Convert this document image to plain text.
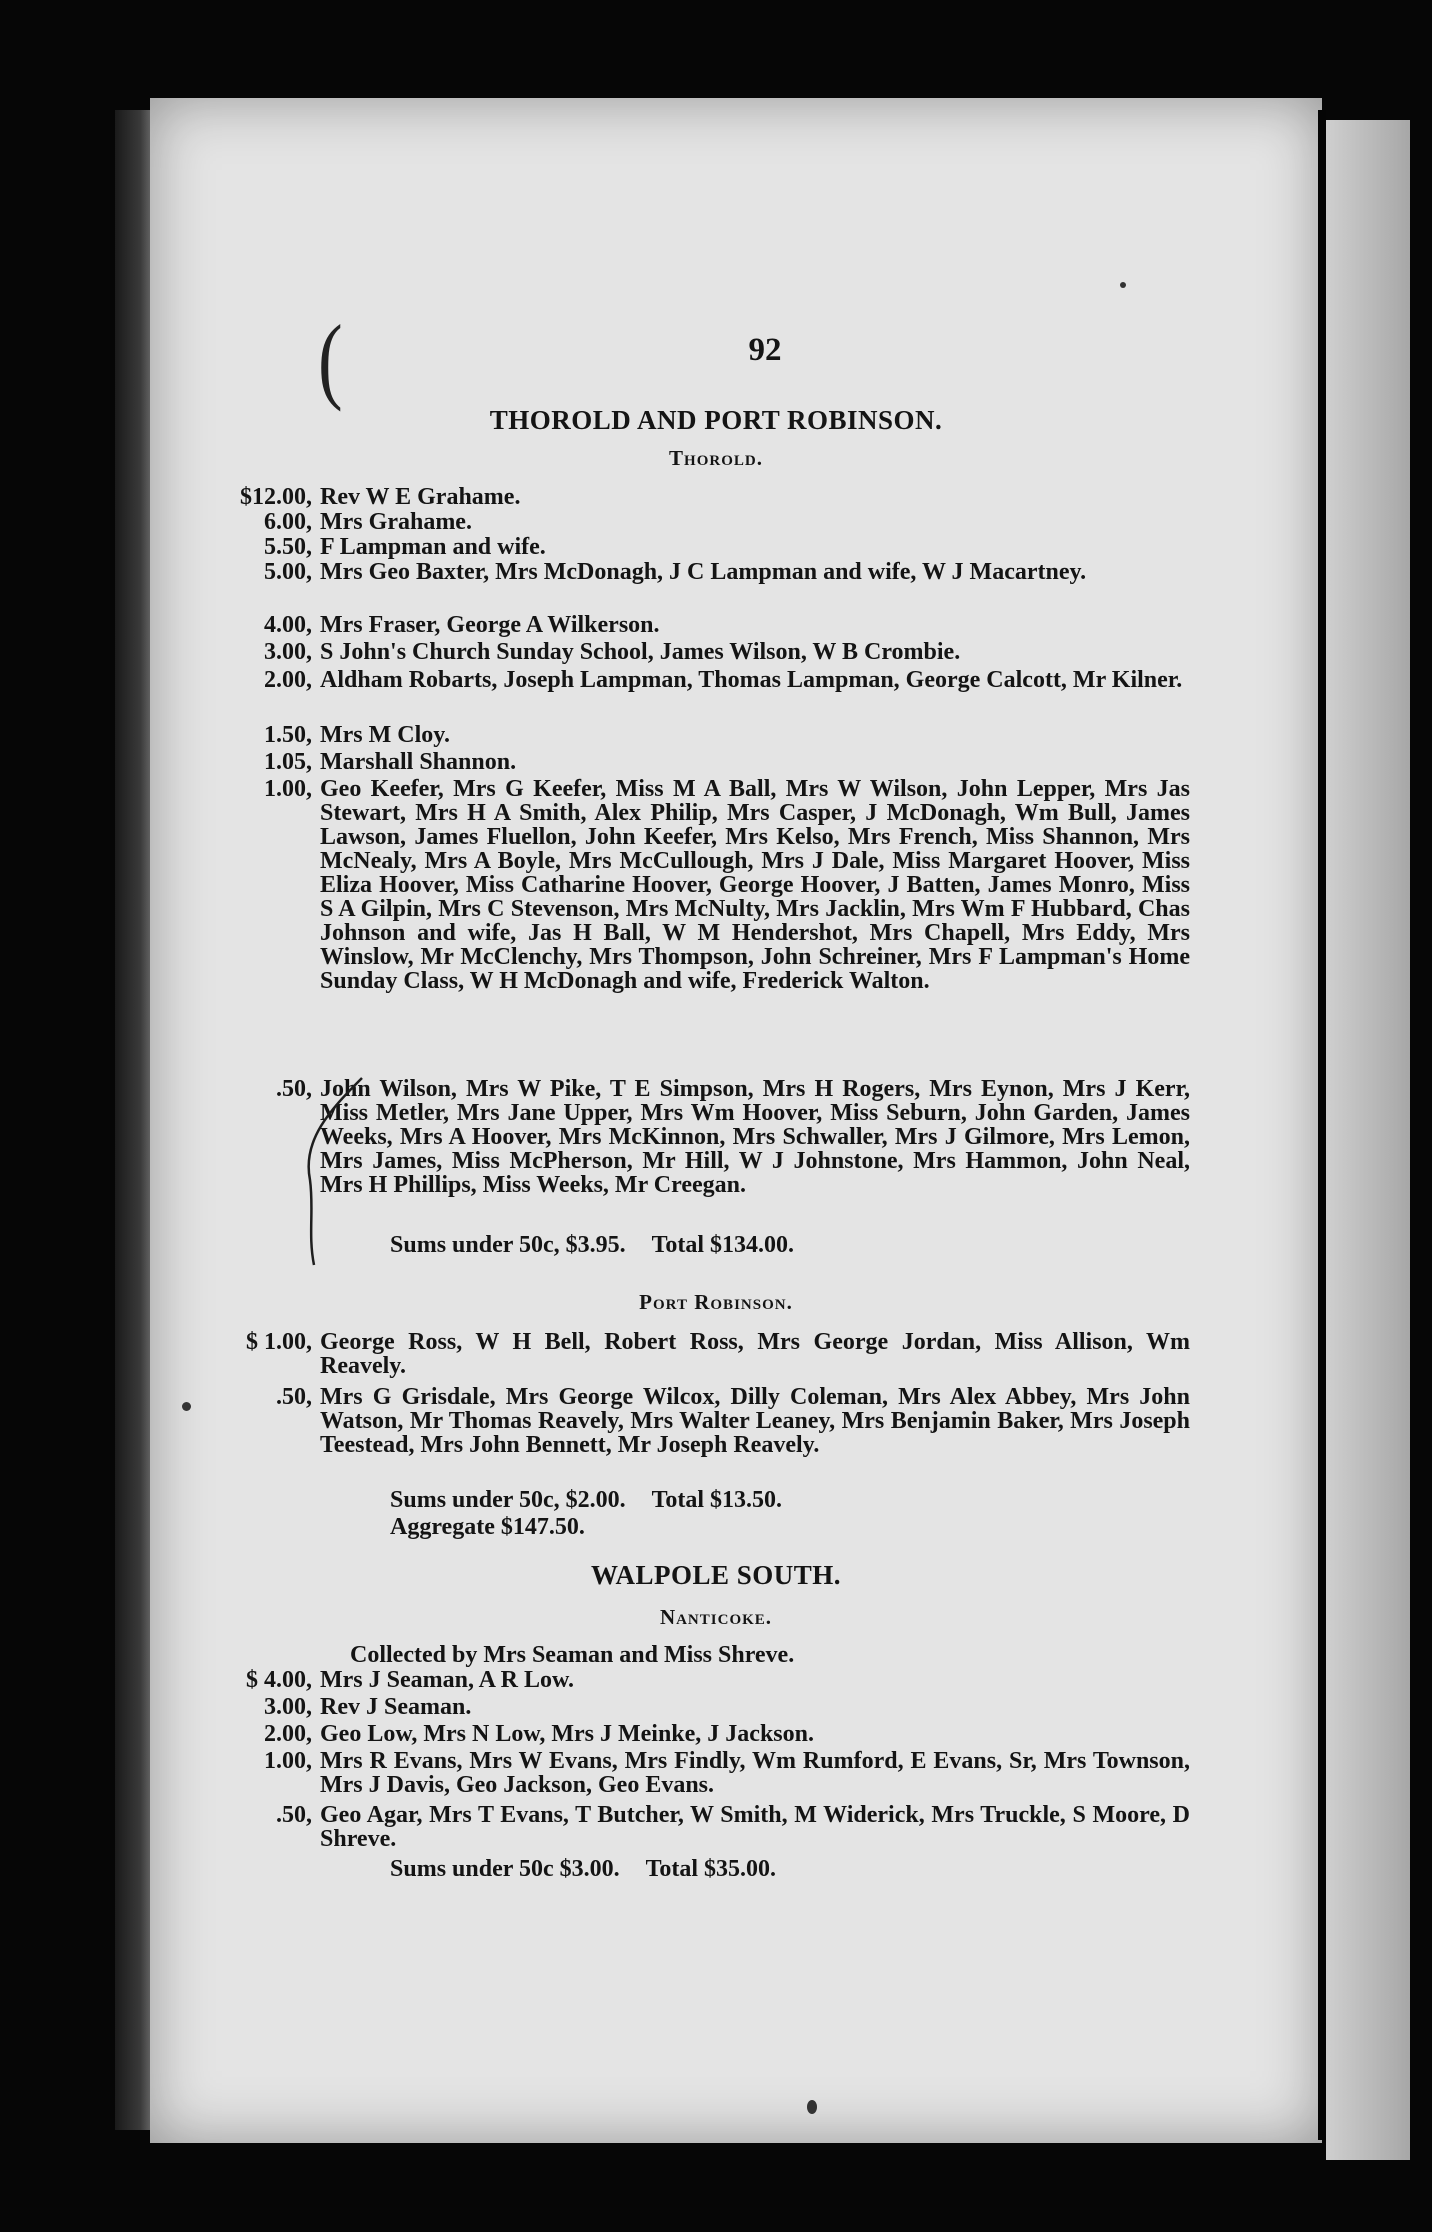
(	92
THOROLD AND PORT ROBINSON.
Thorold.
$12.00, Rev W E Grahame.
6.00, Mrs Grahame.
5.50, F Lampman and wife.
5.00, Mrs Geo Baxter, Mrs McDonagh, J C Lampman and wife, W J Macartney.
4.00, Mrs Fraser, George A Wilkerson.
3.00, S John's Church Sunday School, James Wilson, W B Crombie.
2.00, Aldham Robarts, Joseph Lampman, Thomas Lampman, George Calcott, Mr Kilner.
1.50, Mrs M Cloy.
1.05, Marshall Shannon.
1.00, Geo Keefer, Mrs G Keefer, Miss M A Ball, Mrs W Wilson, John Lepper, Mrs Jas Stewart, Mrs H A Smith, Alex Philip, Mrs Casper, J McDonagh, Wm Bull, James Lawson, James Fluellon, John Keefer, Mrs Kelso, Mrs French, Miss Shannon, Mrs McNealy, Mrs A Boyle, Mrs McCullough, Mrs J Dale, Miss Margaret Hoover, Miss Eliza Hoover, Miss Catharine Hoover, George Hoover, J Batten, James Monro, Miss S A Gilpin, Mrs C Stevenson, Mrs McNulty, Mrs Jacklin, Mrs Wm F Hubbard, Chas Johnson and wife, Jas H Ball, W M Hendershot, Mrs Chapell, Mrs Eddy, Mrs Winslow, Mr McClenchy, Mrs Thompson, John Schreiner, Mrs F Lampman's Home Sunday Class, W H McDonagh and wife, Frederick Walton.
.50, John Wilson, Mrs W Pike, T E Simpson, Mrs H Rogers, Mrs Eynon, Mrs J Kerr, Miss Metler, Mrs Jane Upper, Mrs Wm Hoover, Miss Seburn, John Garden, James Weeks, Mrs A Hoover, Mrs McKinnon, Mrs Schwaller, Mrs J Gilmore, Mrs Lemon, Mrs James, Miss McPherson, Mr Hill, W J Johnstone, Mrs Hammon, John Neal, Mrs H Phillips, Miss Weeks, Mr Creegan.
Sums under 50c, $3.95. Total $134.00.
Port Robinson.
$ 1.00, George Ross, W H Bell, Robert Ross, Mrs George Jordan, Miss Allison, Wm Reavely.
.50, Mrs G Grisdale, Mrs George Wilcox, Dilly Coleman, Mrs Alex Abbey, Mrs John Watson, Mr Thomas Reavely, Mrs Walter Leaney, Mrs Benjamin Baker, Mrs Joseph Teestead, Mrs John Bennett, Mr Joseph Reavely.
Sums under 50c, $2.00. Total $13.50.
Aggregate $147.50.
WALPOLE SOUTH.
Nanticoke.
Collected by Mrs Seaman and Miss Shreve.
$ 4.00, Mrs J Seaman, A R Low.
3.00, Rev J Seaman.
2.00, Geo Low, Mrs N Low, Mrs J Meinke, J Jackson.
1.00, Mrs R Evans, Mrs W Evans, Mrs Findly, Wm Rumford, E Evans, Sr, Mrs Townson, Mrs J Davis, Geo Jackson, Geo Evans.
.50, Geo Agar, Mrs T Evans, T Butcher, W Smith, M Widerick, Mrs Truckle, S Moore, D Shreve.
Sums under 50c $3.00. Total $35.00.
